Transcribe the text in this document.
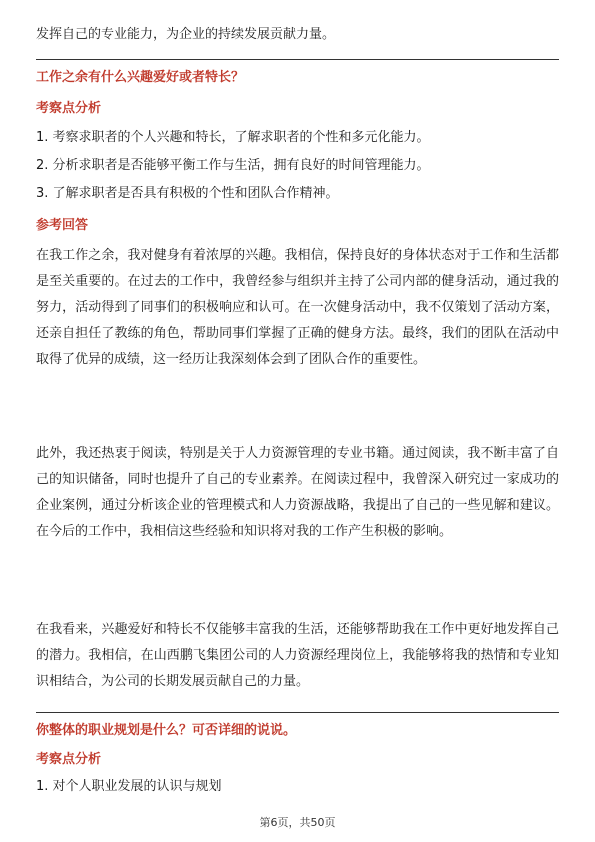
发挥自己的专业能力，为企业的持续发展贡献力量。

工作之余有什么兴趣爱好或者特长？

考察点分析

1. 考察求职者的个人兴趣和特长，了解求职者的个性和多元化能力。

2. 分析求职者是否能够平衡工作与生活，拥有良好的时间管理能力。

3. 了解求职者是否具有积极的个性和团队合作精神。

参考回答

在我工作之余，我对健身有着浓厚的兴趣。我相信，保持良好的身体状态对于工作和生活都是至关重要的。在过去的工作中，我曾经参与组织并主持了公司内部的健身活动，通过我的努力，活动得到了同事们的积极响应和认可。在一次健身活动中，我不仅策划了活动方案，还亲自担任了教练的角色，帮助同事们掌握了正确的健身方法。最终，我们的团队在活动中取得了优异的成绩，这一经历让我深刻体会到了团队合作的重要性。

此外，我还热衷于阅读，特别是关于人力资源管理的专业书籍。通过阅读，我不断丰富了自己的知识储备，同时也提升了自己的专业素养。在阅读过程中，我曾深入研究过一家成功的企业案例，通过分析该企业的管理模式和人力资源战略，我提出了自己的一些见解和建议。在今后的工作中，我相信这些经验和知识将对我的工作产生积极的影响。

在我看来，兴趣爱好和特长不仅能够丰富我的生活，还能够帮助我在工作中更好地发挥自己的潜力。我相信，在山西鹏飞集团公司的人力资源经理岗位上，我能够将我的热情和专业知识相结合，为公司的长期发展贡献自己的力量。

你整体的职业规划是什么？可否详细的说说。

考察点分析

1. 对个人职业发展的认识与规划

第6页，共50页
